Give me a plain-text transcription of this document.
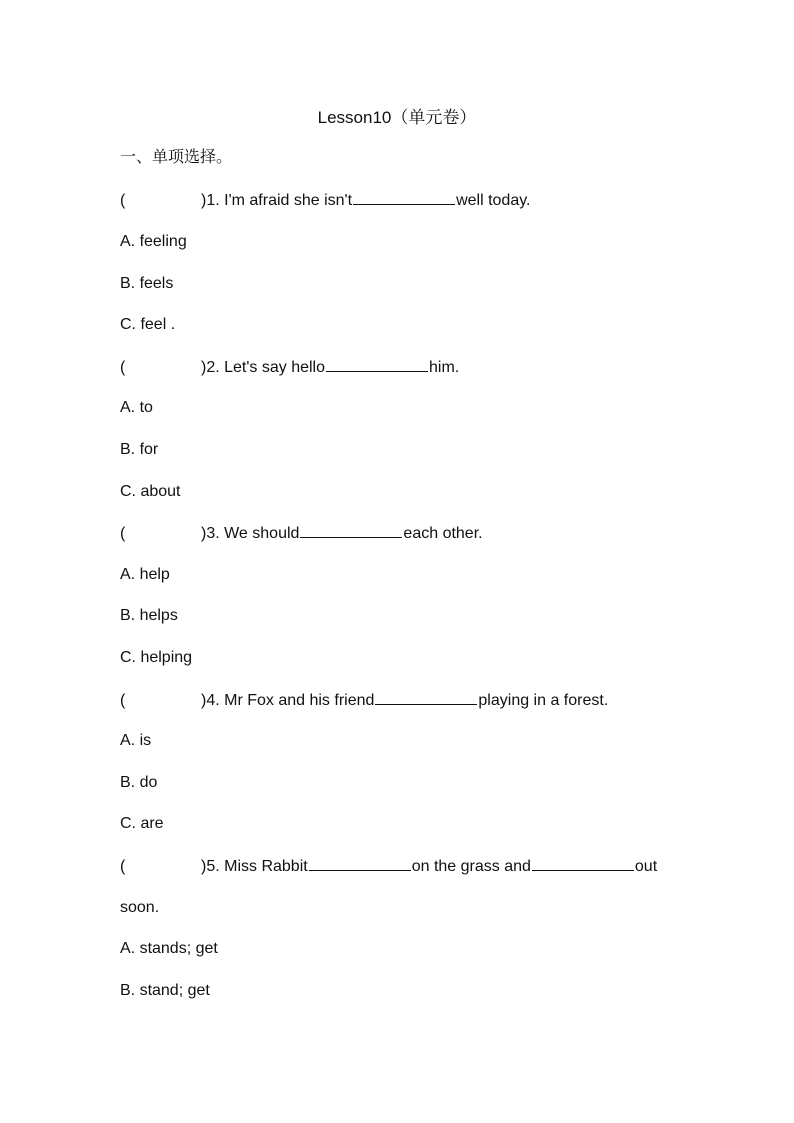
Lesson10（单元卷）
一、单项选择。
(	)1. I'm afraid she isn't	well today.
A. feeling
B. feels
C. feel .
(	)2. Let's say hello	him.
A. to
B. for
C. about
(	)3. We should	each other.
A. help
B. helps
C. helping
(	)4. Mr Fox and his friend	playing in a forest.
A. is
B. do
C. are
(	)5. Miss Rabbit	on the grass and	out
soon.
A. stands; get
B. stand; get
